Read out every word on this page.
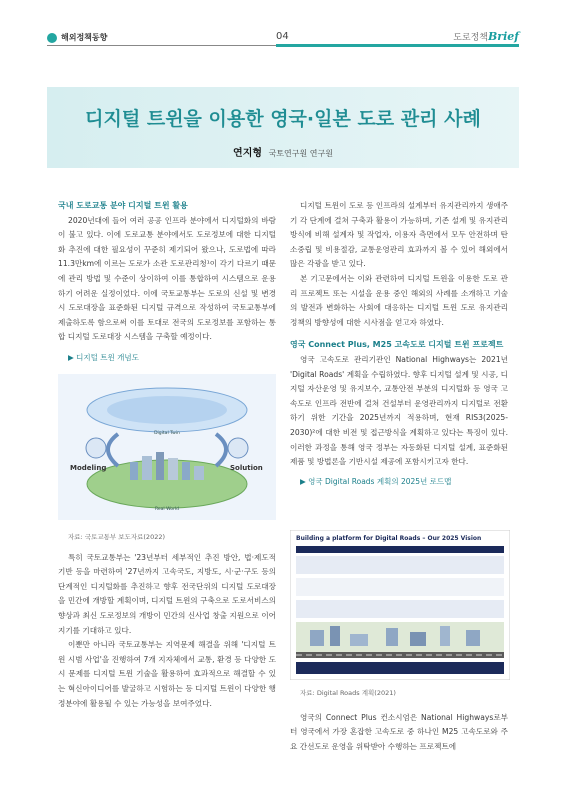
해외정책동향	04	도로정책Brief
디지털 트윈을 이용한 영국·일본 도로 관리 사례
연지형 국토연구원 연구원

국내 도로교통 분야 디지털 트윈 활용

2020년대에 들어 여러 공공 인프라 분야에서 디지털화의 바람이 불고 있다. 이에 도로교통 분야에서도 도로정보에 대한 디지털화 추진에 대한 필요성이 꾸준히 제기되어 왔으나, 도로법에 따라 11.3만km에 이르는 도로가 소관 도로관리청¹이 각기 다르기 때문에 관리 방법 및 수준이 상이하여 이를 통합하여 시스템으로 운용하기 어려운 실정이었다. 이에 국토교통부는 도로의 신설 및 변경 시 도로대장을 표준화된 디지털 규격으로 작성하여 국토교통부에 제출하도록 함으로써 이를 토대로 전국의 도로정보를 포함하는 통합 디지털 도로대장 시스템을 구축할 예정이다.

▶ 디지털 트윈 개념도

Modeling	Solution
Digital Twin
Real World

자료: 국토교통부 보도자료(2022)

특히 국토교통부는 '23년부터 세부적인 추진 방안, 법·제도적 기반 등을 마련하여 '27년까지 고속국도, 지방도, 시·군·구도 등의 단계적인 디지털화를 추진하고 향후 전국단위의 디지털 도로대장을 민간에 개방할 계획이며, 디지털 트윈의 구축으로 도로서비스의 향상과 최신 도로정보의 개방이 민간의 신사업 창출 지원으로 이어지기를 기대하고 있다.

이뿐만 아니라 국토교통부는 지역문제 해결을 위해 '디지털 트윈 시범 사업'을 진행하여 7개 지자체에서 교통, 환경 등 다양한 도시 문제를 디지털 트윈 기술을 활용하여 효과적으로 해결할 수 있는 혁신아이디어를 발굴하고 시험하는 등 디지털 트윈이 다양한 행정분야에 활용될 수 있는 가능성을 보여주었다.

디지털 트윈이 도로 등 인프라의 설계부터 유지관리까지 생애주기 각 단계에 걸쳐 구축과 활용이 가능하며, 기존 설계 및 유지관리 방식에 비해 설계자 및 작업자, 이용자 측면에서 모두 안전하며 탄소중립 및 비용절감, 교통운영관리 효과까지 볼 수 있어 해외에서 많은 각광을 받고 있다.

본 기고문에서는 이와 관련하여 디지털 트윈을 이용한 도로 관리 프로젝트 또는 시설을 운용 중인 해외의 사례를 소개하고 기술의 발전과 변화하는 사회에 대응하는 디지털 트윈 도로 유지관리 정책의 방향성에 대한 시사점을 얻고자 하였다.

영국 Connect Plus, M25 고속도로 디지털 트윈 프로젝트

영국 고속도로 관리기관인 National Highways는 2021년 'Digital Roads' 계획을 수립하였다. 향후 디지털 설계 및 시공, 디지털 자산운영 및 유지보수, 교통안전 부분의 디지털화 등 영국 고속도로 인프라 전반에 걸쳐 건설부터 운영관리까지 디지털로 전환하기 위한 기간을 2025년까지 적용하며, 현재 RIS3(2025-2030)²에 대한 비전 및 접근방식을 계획하고 있다는 특징이 있다. 이러한 과정을 통해 영국 정부는 자동화된 디지털 설계, 표준화된 제품 및 방법론을 기반시설 제공에 포함시키고자 한다.

▶ 영국 Digital Roads 계획의 2025년 로드맵

Building a platform for Digital Roads – Our 2025 Vision

자료: Digital Roads 계획(2021)

영국의 Connect Plus 컨소시엄은 National Highways로부터 영국에서 가장 혼잡한 고속도로 중 하나인 M25 고속도로와 주요 간선도로 운영을 위탁받아 수행하는 프로젝트에
